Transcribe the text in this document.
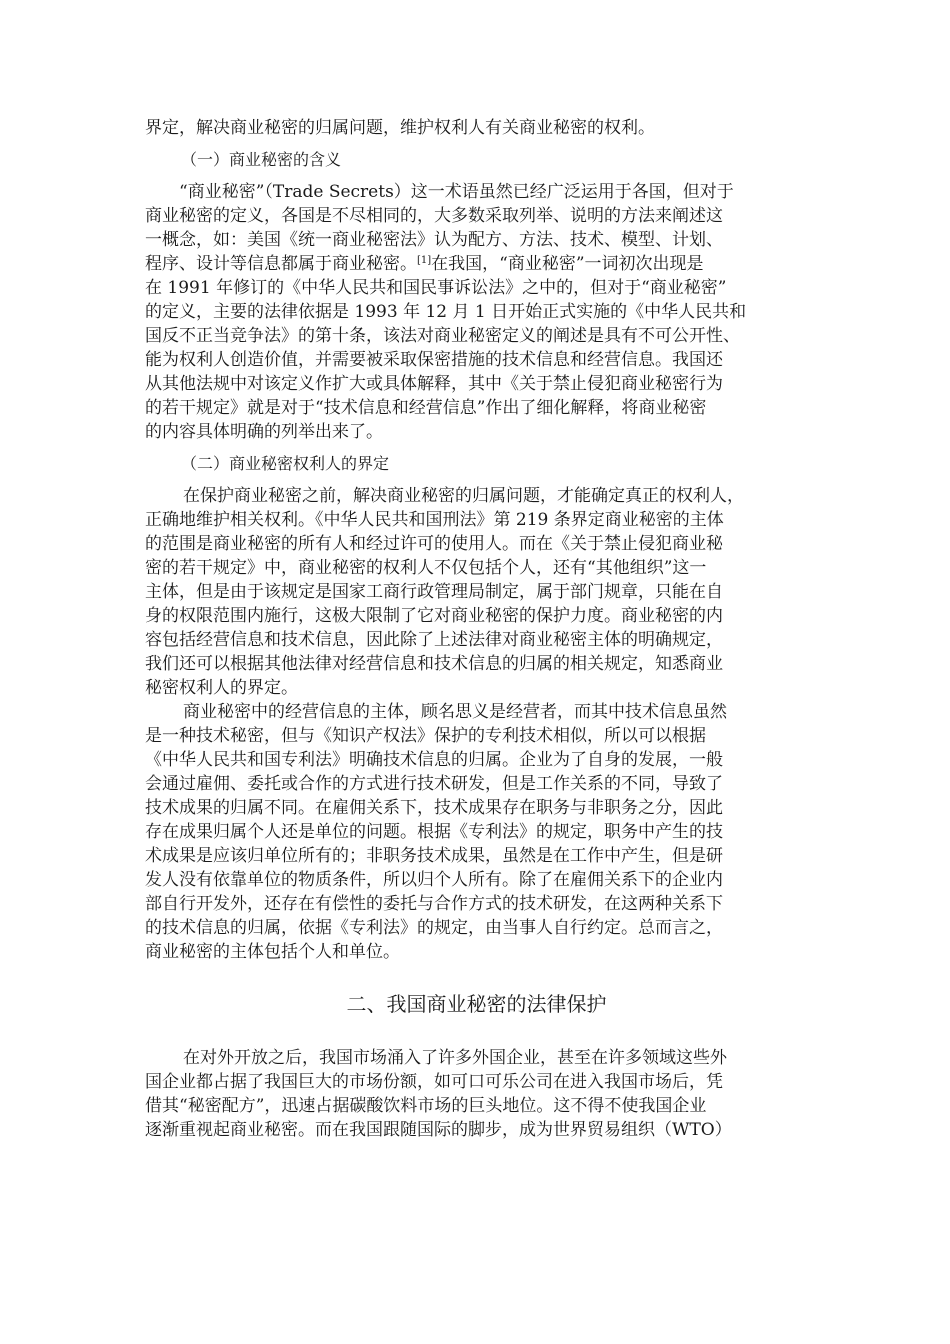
界定，解决商业秘密的归属问题，维护权利人有关商业秘密的权利。
（一）商业秘密的含义
“商业秘密”（Trade Secrets）这一术语虽然已经广泛运用于各国，但对于
商业秘密的定义，各国是不尽相同的，大多数采取列举、说明的方法来阐述这
一概念，如：美国《统一商业秘密法》认为配方、方法、技术、模型、计划、
程序、设计等信息都属于商业秘密。[1]在我国，“商业秘密”一词初次出现是
在 1991 年修订的《中华人民共和国民事诉讼法》之中的，但对于“商业秘密”
的定义，主要的法律依据是 1993 年 12 月 1 日开始正式实施的《中华人民共和
国反不正当竞争法》的第十条，该法对商业秘密定义的阐述是具有不可公开性、
能为权利人创造价值，并需要被采取保密措施的技术信息和经营信息。我国还
从其他法规中对该定义作扩大或具体解释，其中《关于禁止侵犯商业秘密行为
的若干规定》就是对于“技术信息和经营信息”作出了细化解释，将商业秘密
的内容具体明确的列举出来了。
（二）商业秘密权利人的界定
在保护商业秘密之前，解决商业秘密的归属问题，才能确定真正的权利人，
正确地维护相关权利。《中华人民共和国刑法》第 219 条界定商业秘密的主体
的范围是商业秘密的所有人和经过许可的使用人。而在《关于禁止侵犯商业秘
密的若干规定》中，商业秘密的权利人不仅包括个人，还有“其他组织”这一
主体，但是由于该规定是国家工商行政管理局制定，属于部门规章，只能在自
身的权限范围内施行，这极大限制了它对商业秘密的保护力度。商业秘密的内
容包括经营信息和技术信息，因此除了上述法律对商业秘密主体的明确规定，
我们还可以根据其他法律对经营信息和技术信息的归属的相关规定，知悉商业
秘密权利人的界定。
商业秘密中的经营信息的主体，顾名思义是经营者，而其中技术信息虽然
是一种技术秘密，但与《知识产权法》保护的专利技术相似，所以可以根据
《中华人民共和国专利法》明确技术信息的归属。企业为了自身的发展，一般
会通过雇佣、委托或合作的方式进行技术研发，但是工作关系的不同，导致了
技术成果的归属不同。在雇佣关系下，技术成果存在职务与非职务之分，因此
存在成果归属个人还是单位的问题。根据《专利法》的规定，职务中产生的技
术成果是应该归单位所有的；非职务技术成果，虽然是在工作中产生，但是研
发人没有依靠单位的物质条件，所以归个人所有。除了在雇佣关系下的企业内
部自行开发外，还存在有偿性的委托与合作方式的技术研发，在这两种关系下
的技术信息的归属，依据《专利法》的规定，由当事人自行约定。总而言之，
商业秘密的主体包括个人和单位。
二、我国商业秘密的法律保护
在对外开放之后，我国市场涌入了许多外国企业，甚至在许多领域这些外
国企业都占据了我国巨大的市场份额，如可口可乐公司在进入我国市场后，凭
借其“秘密配方”，迅速占据碳酸饮料市场的巨头地位。这不得不使我国企业
逐渐重视起商业秘密。而在我国跟随国际的脚步，成为世界贸易组织（WTO）
